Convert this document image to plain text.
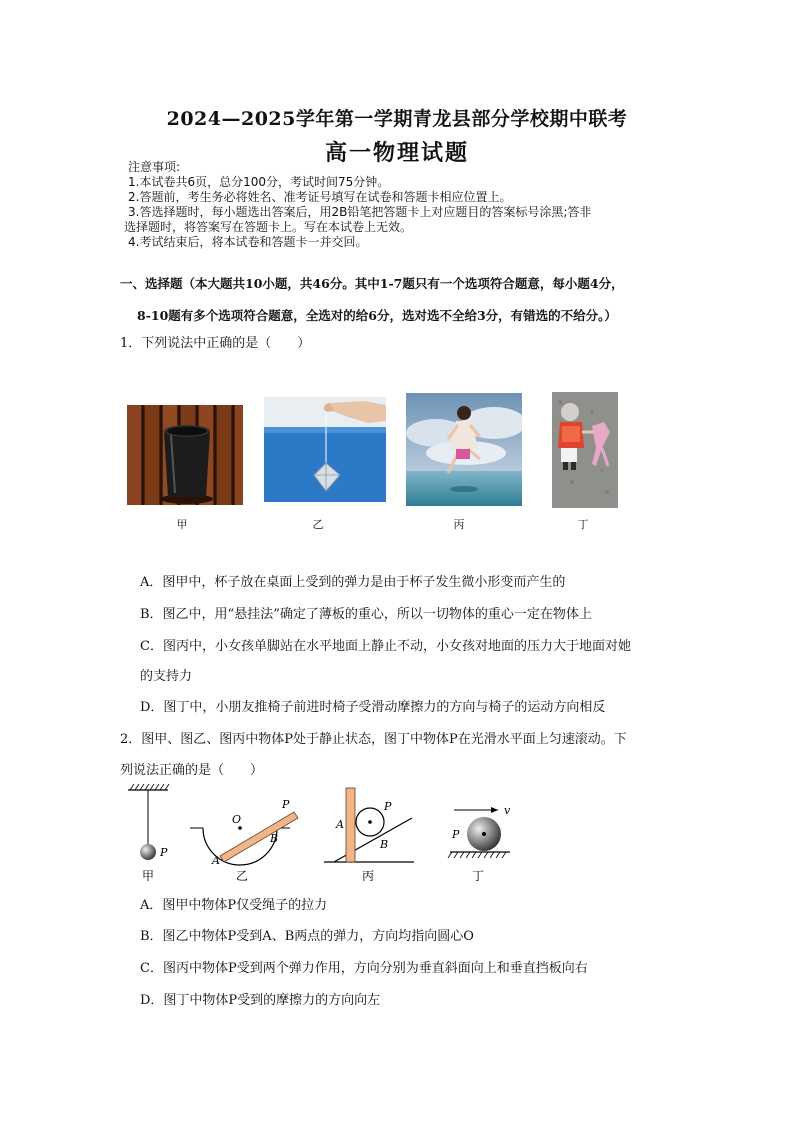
2024—2025学年第一学期青龙县部分学校期中联考
高一物理试题
注意事项:
1.本试卷共6页，总分100分，考试时间75分钟。
2.答题前，考生务必将姓名、准考证号填写在试卷和答题卡相应位置上。
3.答选择题时，每小题选出答案后，用2B铅笔把答题卡上对应题目的答案标号涂黑;答非
选择题时，将答案写在答题卡上。写在本试卷上无效。
4.考试结束后，将本试卷和答题卡一并交回。
一、选择题（本大题共10小题，共46分。其中1-7题只有一个选项符合题意，每小题4分，
8-10题有多个选项符合题意，全选对的给6分，选对选不全给3分，有错选的不给分。）
1．下列说法中正确的是（　　）
甲	乙	丙	丁
A．图甲中，杯子放在桌面上受到的弹力是由于杯子发生微小形变而产生的
B．图乙中，用“悬挂法”确定了薄板的重心，所以一切物体的重心一定在物体上
C．图丙中，小女孩单脚站在水平地面上静止不动，小女孩对地面的压力大于地面对她
的支持力
D．图丁中，小朋友推椅子前进时椅子受滑动摩擦力的方向与椅子的运动方向相反
2．图甲、图乙、图丙中物体P处于静止状态，图丁中物体P在光滑水平面上匀速滚动。下
列说法正确的是（　　）
P
O
A
B
P
A
B
P	v
P
甲	乙	丙	丁
A．图甲中物体P仅受绳子的拉力
B．图乙中物体P受到A、B两点的弹力，方向均指向圆心O
C．图丙中物体P受到两个弹力作用，方向分别为垂直斜面向上和垂直挡板向右
D．图丁中物体P受到的摩擦力的方向向左
